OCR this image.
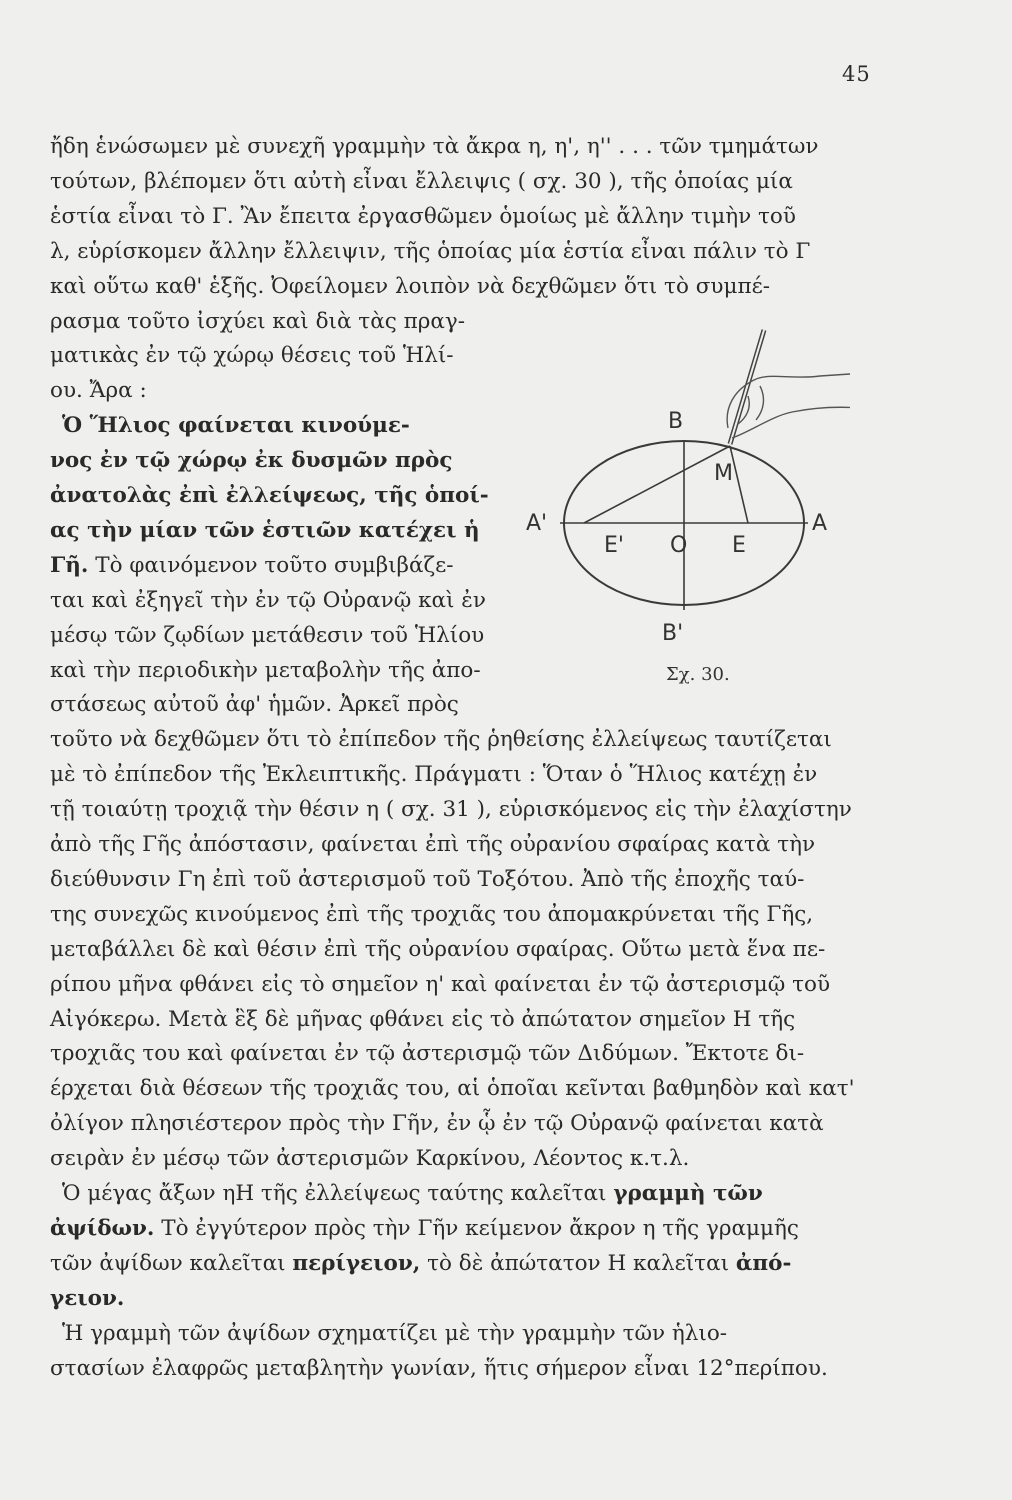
45
ἤδη ἑνώσωμεν μὲ συνεχῆ γραμμὴν τὰ ἄκρα η, η', η'' . . . τῶν τμημάτων
τούτων, βλέπομεν ὅτι αὐτὴ εἶναι ἔλλειψις ( σχ. 30 ), τῆς ὁποίας μία
ἑστία εἶναι τὸ Γ. Ἂν ἔπειτα ἐργασθῶμεν ὁμοίως μὲ ἄλλην τιμὴν τοῦ
λ, εὑρίσκομεν ἄλλην ἔλλειψιν, τῆς ὁποίας μία ἑστία εἶναι πάλιν τὸ Γ
καὶ οὕτω καθ' ἑξῆς. Ὀφείλομεν λοιπὸν νὰ δεχθῶμεν ὅτι τὸ συμπέ-
ρασμα τοῦτο ἰσχύει καὶ διὰ τὰς πραγ-
ματικὰς ἐν τῷ χώρῳ θέσεις τοῦ Ἡλί-
ου. Ἄρα :
Ὁ Ἥλιος φαίνεται κινούμε-
νος ἐν τῷ χώρῳ ἐκ δυσμῶν πρὸς
ἀνατολὰς ἐπὶ ἐλλείψεως, τῆς ὁποί-
ας τὴν μίαν τῶν ἑστιῶν κατέχει ἡ
Γῆ. Τὸ φαινόμενον τοῦτο συμβιβάζε-
ται καὶ ἐξηγεῖ τὴν ἐν τῷ Οὐρανῷ καὶ ἐν
μέσῳ τῶν ζῳδίων μετάθεσιν τοῦ Ἡλίου
καὶ τὴν περιοδικὴν μεταβολὴν τῆς ἀπο-
στάσεως αὐτοῦ ἀφ' ἡμῶν. Ἀρκεῖ πρὸς
τοῦτο νὰ δεχθῶμεν ὅτι τὸ ἐπίπεδον τῆς ῥηθείσης ἐλλείψεως ταυτίζεται
μὲ τὸ ἐπίπεδον τῆς Ἐκλειπτικῆς. Πράγματι : Ὅταν ὁ Ἥλιος κατέχῃ ἐν
τῇ τοιαύτῃ τροχιᾷ τὴν θέσιν η ( σχ. 31 ), εὑρισκόμενος εἰς τὴν ἐλαχίστην
ἀπὸ τῆς Γῆς ἀπόστασιν, φαίνεται ἐπὶ τῆς οὐρανίου σφαίρας κατὰ τὴν
διεύθυνσιν Γη ἐπὶ τοῦ ἀστερισμοῦ τοῦ Τοξότου. Ἀπὸ τῆς ἐποχῆς ταύ-
της συνεχῶς κινούμενος ἐπὶ τῆς τροχιᾶς του ἀπομακρύνεται τῆς Γῆς,
μεταβάλλει δὲ καὶ θέσιν ἐπὶ τῆς οὐρανίου σφαίρας. Οὕτω μετὰ ἕνα πε-
ρίπου μῆνα φθάνει εἰς τὸ σημεῖον η' καὶ φαίνεται ἐν τῷ ἀστερισμῷ τοῦ
Αἰγόκερω. Μετὰ ἓξ δὲ μῆνας φθάνει εἰς τὸ ἀπώτατον σημεῖον Η τῆς
τροχιᾶς του καὶ φαίνεται ἐν τῷ ἀστερισμῷ τῶν Διδύμων. Ἔκτοτε δι-
έρχεται διὰ θέσεων τῆς τροχιᾶς του, αἱ ὁποῖαι κεῖνται βαθμηδὸν καὶ κατ'
ὀλίγον πλησιέστερον πρὸς τὴν Γῆν, ἐν ᾧ ἐν τῷ Οὐρανῷ φαίνεται κατὰ
σειρὰν ἐν μέσῳ τῶν ἀστερισμῶν Καρκίνου, Λέοντος κ.τ.λ.
Ὁ μέγας ἄξων ηΗ τῆς ἐλλείψεως ταύτης καλεῖται γραμμὴ τῶν
ἀψίδων. Τὸ ἐγγύτερον πρὸς τὴν Γῆν κείμενον ἄκρον η τῆς γραμμῆς
τῶν ἀψίδων καλεῖται περίγειον, τὸ δὲ ἀπώτατον Η καλεῖται ἀπό-
γειον.
Ἡ γραμμὴ τῶν ἀψίδων σχηματίζει μὲ τὴν γραμμὴν τῶν ἡλιο-
στασίων ἐλαφρῶς μεταβλητὴν γωνίαν, ἥτις σήμερον εἶναι 12°περίπου.
B
M
A'
E' O E
A
B'
Σχ. 30.
